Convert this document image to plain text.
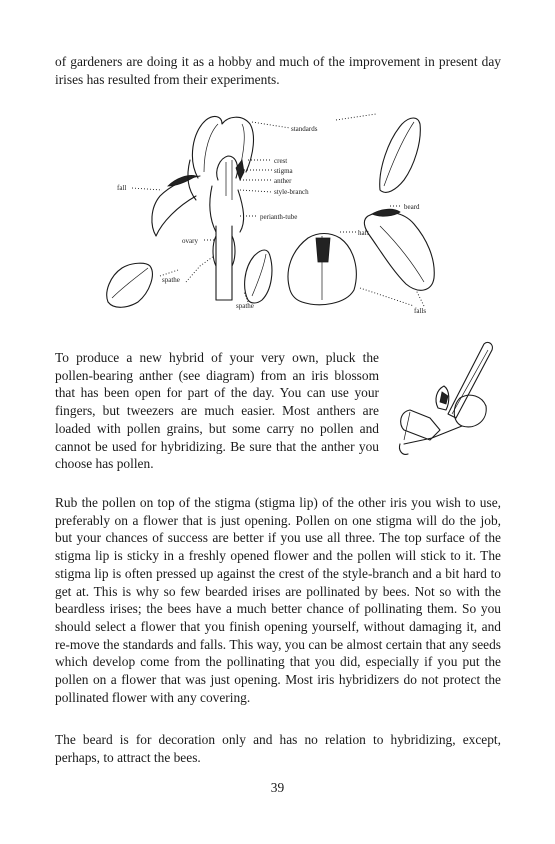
of gardeners are doing it as a hobby and much of the improvement in present day irises has resulted from their experiments.

standards
crest
stigma
anther
style-branch
fall
beard
perianth-tube
haft
ovary
spathe
spathe
falls

To produce a new hybrid of your very own, pluck the pollen-bearing anther (see diagram) from an iris blossom that has been open for part of the day. You can use your fingers, but tweezers are much easier. Most anthers are loaded with pollen grains, but some carry no pollen and cannot be used for hybridizing. Be sure that the anther you choose has pollen.

Rub the pollen on top of the stigma (stigma lip) of the other iris you wish to use, preferably on a flower that is just opening. Pollen on one stigma will do the job, but your chances of success are better if you use all three. The top surface of the stigma lip is sticky in a freshly opened flower and the pollen will stick to it. The stigma lip is often pressed up against the crest of the style-branch and a bit hard to get at. This is why so few bearded irises are pollinated by bees. Not so with the beardless irises; the bees have a much better chance of pollinating them. So you should select a flower that you finish opening yourself, without damaging it, and re-move the standards and falls. This way, you can be almost certain that any seeds which develop come from the pollinating that you did, especially if you put the pollen on a flower that was just opening. Most iris hybridizers do not protect the pollinated flower with any covering.

The beard is for decoration only and has no relation to hybridizing, except, perhaps, to attract the bees.

39
